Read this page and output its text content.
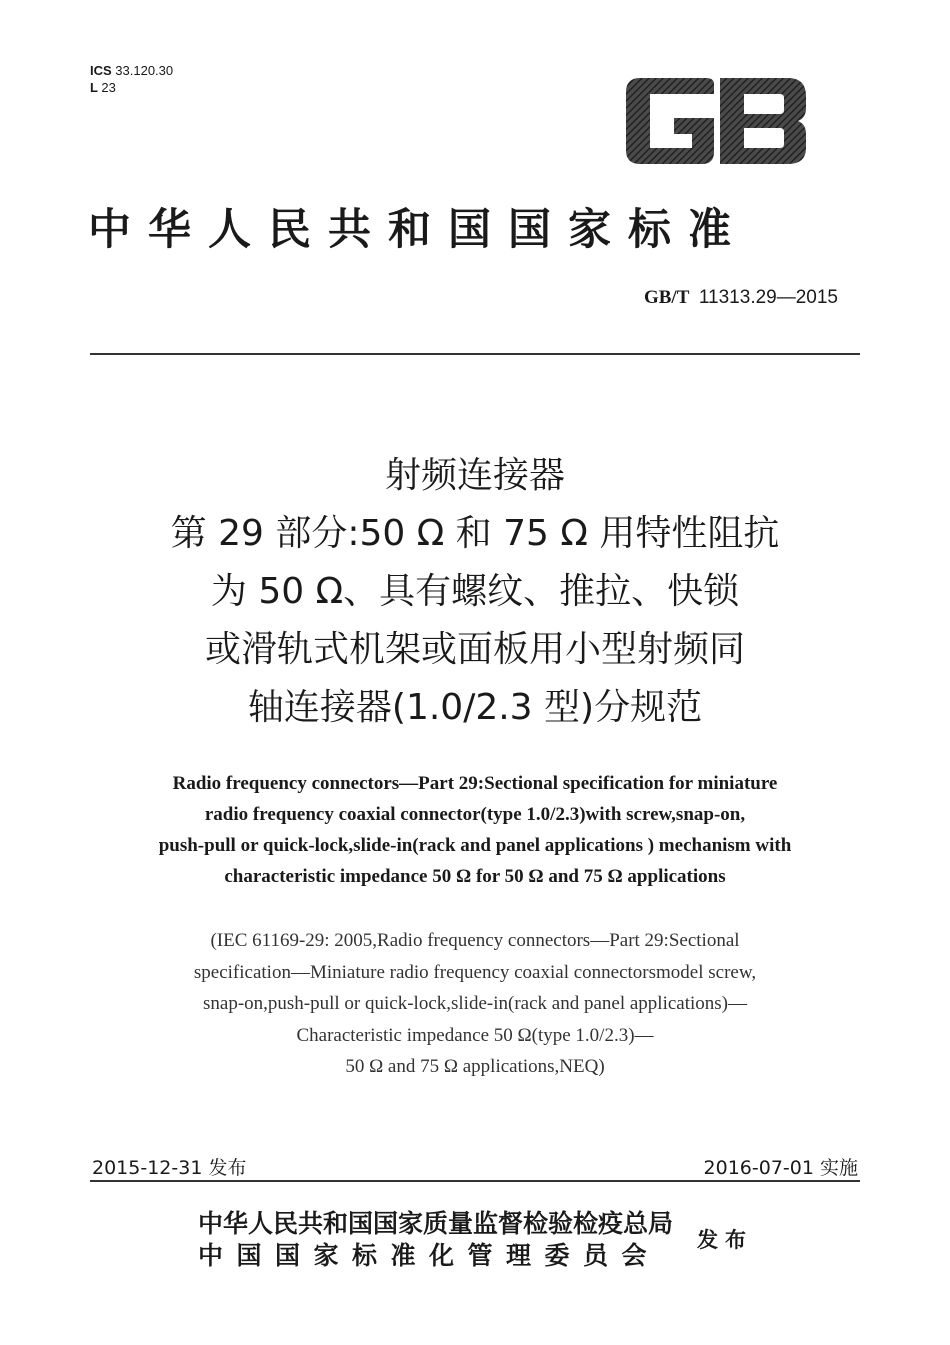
ICS 33.120.30
L 23
GB
中华人民共和国国家标准
GB/T 11313.29—2015
射频连接器
第 29 部分:50 Ω 和 75 Ω 用特性阻抗
为 50 Ω、具有螺纹、推拉、快锁
或滑轨式机架或面板用小型射频同
轴连接器(1.0/2.3 型)分规范
Radio frequency connectors—Part 29:Sectional specification for miniature
radio frequency coaxial connector(type 1.0/2.3)with screw,snap-on,
push-pull or quick-lock,slide-in(rack and panel applications ) mechanism with
characteristic impedance 50 Ω for 50 Ω and 75 Ω applications
(IEC 61169-29: 2005,Radio frequency connectors—Part 29:Sectional
specification—Miniature radio frequency coaxial connectorsmodel screw,
snap-on,push-pull or quick-lock,slide-in(rack and panel applications)—
Characteristic impedance 50 Ω(type 1.0/2.3)—
50 Ω and 75 Ω applications,NEQ)
2015-12-31 发布	2016-07-01 实施
中华人民共和国国家质量监督检验检疫总局
中国国家标准化管理委员会
发布
